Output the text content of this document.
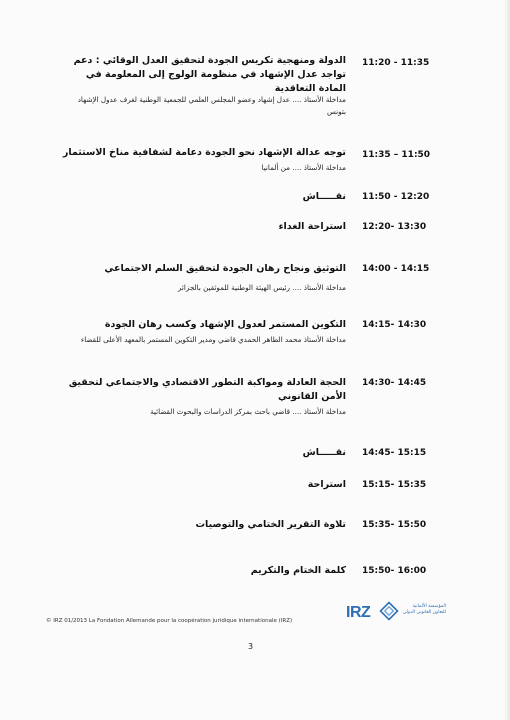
11:20 - 11:35
الدولة ومنهجية تكريس الجودة لتحقيق العدل الوقائي : دعم تواجد عدل الإشهاد في منظومة الولوج إلى المعلومة في المادة التعاقدية
مداخلة الأستاذ .... عدل إشهاد وعضو المجلس العلمي للجمعية الوطنية لغرف عدول الإشهاد بتونس
11:35 – 11:50
توجه عدالة الإشهاد نحو الجودة دعامة لشفافية مناخ الاستثمار
مداخلة الأستاذ .... من ألمانيا
11:50 - 12:20
نقـــــاش
12:20- 13:30
استراحة الغداء
14:00 - 14:15
التوثيق ونجاح رهان الجودة لتحقيق السلم الاجتماعي
مداخلة الأستاذ .... رئيس الهيئة الوطنية للموثقين بالجزائر
14:15- 14:30
التكوين المستمر لعدول الإشهاد وكسب رهان الجودة
مداخلة الأستاذ محمد الطاهر الحمدي قاضي ومدير التكوين المستمر بالمعهد الأعلى للقضاء
14:30- 14:45
الحجة العادلة ومواكبة التطور الاقتصادي والاجتماعي لتحقيق الأمن القانوني
مداخلة الأستاذ .... قاضي باحث بمركز الدراسات والبحوث القضائية
14:45- 15:15
نقـــــاش
15:15- 15:35
استراحة
15:35- 15:50
تلاوة التقرير الختامي والتوصيات
15:50- 16:00
كلمة الختام والتكريم
IRZ	المؤسسة الألمانية للتعاون القانوني الدولي
© IRZ 01/2013 La Fondation Allemande pour la coopération juridique internationale (IRZ)
3
